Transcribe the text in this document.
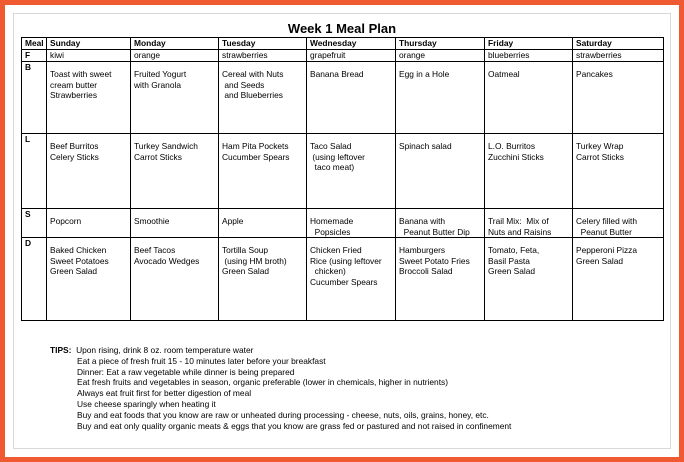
Week 1 Meal Plan
Meal	Sunday	Monday	Tuesday	Wednesday	Thursday	Friday	Saturday
F	kiwi	orange	strawberries	grapefruit	orange	blueberries	strawberries
B	Toast with sweet
cream butter
Strawberries	Fruited Yogurt
with Granola	Cereal with Nuts
and Seeds
and Blueberries	Banana Bread	Egg in a Hole	Oatmeal	Pancakes

L	Beef Burritos
Celery Sticks	Turkey Sandwich
Carrot Sticks	Ham Pita Pockets
Cucumber Spears	Taco Salad
(using leftover
taco meat)	Spinach salad	L.O. Burritos
Zucchini Sticks	Turkey Wrap
Carrot Sticks

S	Popcorn	Smoothie	Apple	Homemade
Popsicles	Banana with
Peanut Butter Dip	Trail Mix:  Mix of
Nuts and Raisins	Celery filled with
Peanut Butter

D	Baked Chicken
Sweet Potatoes
Green Salad	Beef Tacos
Avocado Wedges	Tortilla Soup
(using HM broth)
Green Salad	Chicken Fried
Rice (using leftover
chicken)
Cucumber Spears	Hamburgers
Sweet Potato Fries
Broccoli Salad	Tomato, Feta,
Basil Pasta
Green Salad	Pepperoni Pizza
Green Salad
TIPS: Upon rising, drink 8 oz. room temperature water
Eat a piece of fresh fruit 15 - 10 minutes later before your breakfast
Dinner: Eat a raw vegetable while dinner is being prepared
Eat fresh fruits and vegetables in season, organic preferable (lower in chemicals, higher in nutrients)
Always eat fruit first for better digestion of meal
Use cheese sparingly when heating it
Buy and eat foods that you know are raw or unheated during processing - cheese, nuts, oils, grains, honey, etc.
Buy and eat only quality organic meats & eggs that you know are grass fed or pastured and not raised in confinement
